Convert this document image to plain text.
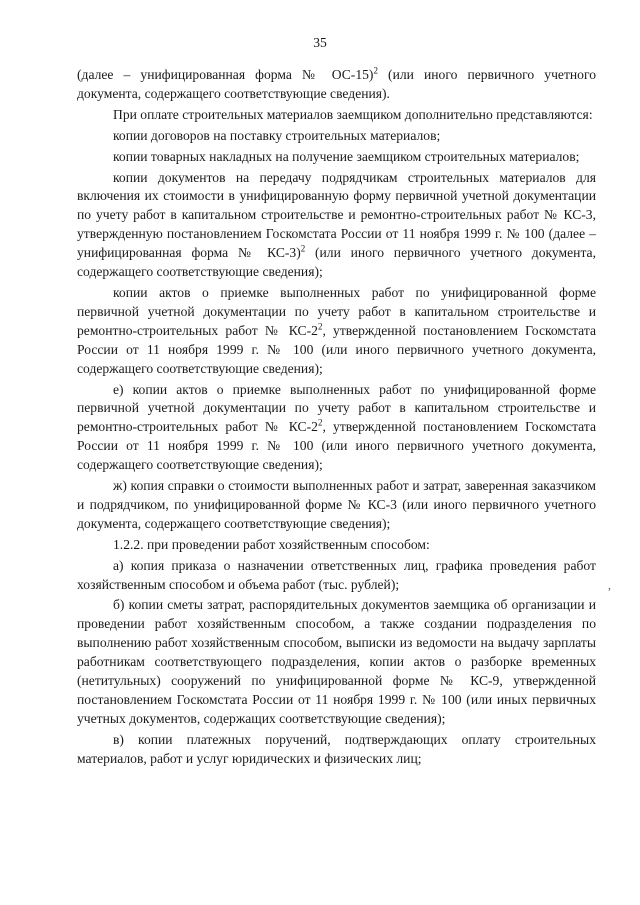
35

(далее – унифицированная форма № ОС-15)$^2$ (или иного первичного учетного документа, содержащего соответствующие сведения).

При оплате строительных материалов заемщиком дополнительно представляются:

копии договоров на поставку строительных материалов;

копии товарных накладных на получение заемщиком строительных материалов;

копии документов на передачу подрядчикам строительных материалов для включения их стоимости в унифицированную форму первичной учетной документации по учету работ в капитальном строительстве и ремонтно-строительных работ № КС-3, утвержденную постановлением Госкомстата России от 11 ноября 1999 г. № 100 (далее – унифицированная форма № КС-3)$^2$ (или иного первичного учетного документа, содержащего соответствующие сведения);

копии актов о приемке выполненных работ по унифицированной форме первичной учетной документации по учету работ в капитальном строительстве и ремонтно-строительных работ № $КС-2^2$, утвержденной постановлением Госкомстата России от 11 ноября 1999 г. № 100 (или иного первичного учетного документа, содержащего соответствующие сведения);

е) копии актов о приемке выполненных работ по унифицированной форме первичной учетной документации по учету работ в капитальном строительстве и ремонтно-строительных работ № $КС-2^2$, утвержденной постановлением Госкомстата России от 11 ноября 1999 г. № 100 (или иного первичного учетного документа, содержащего соответствующие сведения);

ж) копия справки о стоимости выполненных работ и затрат, заверенная заказчиком и подрядчиком, по унифицированной форме № КС-3 (или иного первичного учетного документа, содержащего соответствующие сведения);

1.2.2. при проведении работ хозяйственным способом:

а) копия приказа о назначении ответственных лиц, графика проведения работ хозяйственным способом и объема работ (тыс. рублей);

б) копии сметы затрат, распорядительных документов заемщика об организации и проведении работ хозяйственным способом, а также создании подразделения по выполнению работ хозяйственным способом, выписки из ведомости на выдачу зарплаты работникам соответствующего подразделения, копии актов о разборке временных (нетитульных) сооружений по унифицированной форме № КС-9, утвержденной постановлением Госкомстата России от 11 ноября 1999 г. № 100 (или иных первичных учетных документов, содержащих соответствующие сведения);

в) копии платежных поручений, подтверждающих оплату строительных материалов, работ и услуг юридических и физических лиц;

,
